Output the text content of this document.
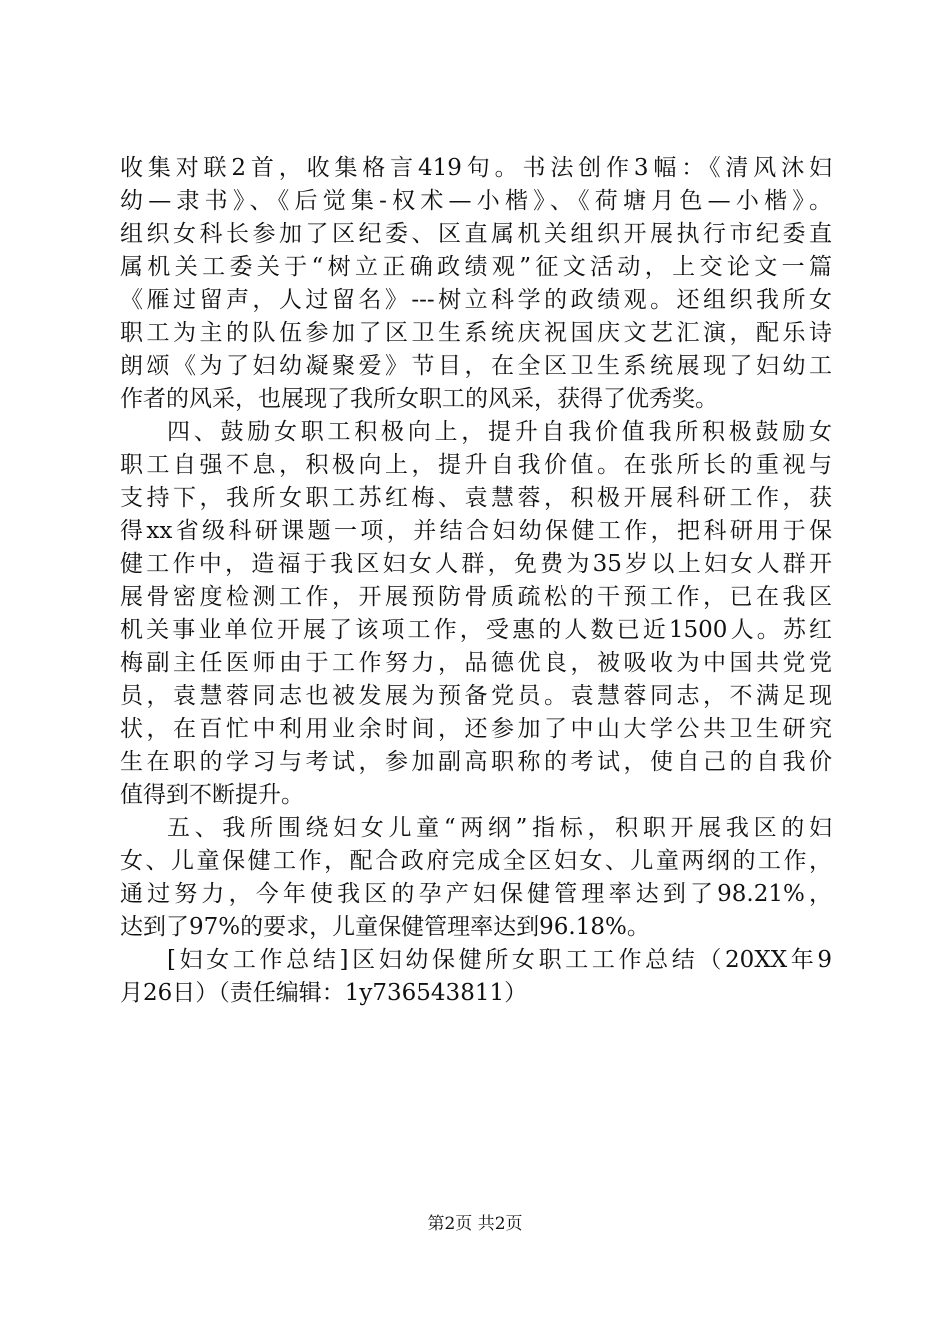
收集对联2首，收集格言419句。书法创作3幅：《清风沐妇
幼—隶书》、《后觉集-权术—小楷》、《荷塘月色—小楷》。
组织女科长参加了区纪委、区直属机关组织开展执行市纪委直
属机关工委关于“树立正确政绩观”征文活动，上交论文一篇
《雁过留声，人过留名》---树立科学的政绩观。还组织我所女
职工为主的队伍参加了区卫生系统庆祝国庆文艺汇演，配乐诗
朗颂《为了妇幼凝聚爱》节目，在全区卫生系统展现了妇幼工
作者的风采，也展现了我所女职工的风采，获得了优秀奖。
四、鼓励女职工积极向上，提升自我价值我所积极鼓励女
职工自强不息，积极向上，提升自我价值。在张所长的重视与
支持下，我所女职工苏红梅、袁慧蓉，积极开展科研工作，获
得xx省级科研课题一项，并结合妇幼保健工作，把科研用于保
健工作中，造福于我区妇女人群，免费为35岁以上妇女人群开
展骨密度检测工作，开展预防骨质疏松的干预工作，已在我区
机关事业单位开展了该项工作，受惠的人数已近1500人。苏红
梅副主任医师由于工作努力，品德优良，被吸收为中国共党党
员，袁慧蓉同志也被发展为预备党员。袁慧蓉同志，不满足现
状，在百忙中利用业余时间，还参加了中山大学公共卫生研究
生在职的学习与考试，参加副高职称的考试，使自己的自我价
值得到不断提升。
五、我所围绕妇女儿童“两纲”指标，积职开展我区的妇
女、儿童保健工作，配合政府完成全区妇女、儿童两纲的工作，
通过努力，今年使我区的孕产妇保健管理率达到了98.21%，
达到了97%的要求，儿童保健管理率达到96.18%。
[妇女工作总结]区妇幼保健所女职工工作总结（20XX年9
月26日）（责任编辑：1y736543811）
第2页 共2页
